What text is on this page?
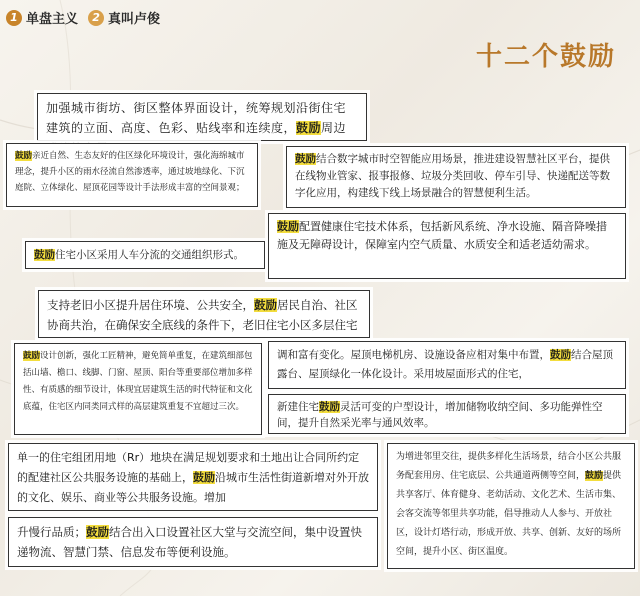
1 单盘主义	2 真叫卢俊
十二个鼓励

加强城市街坊、街区整体界面设计，统筹规划沿街住宅建筑的立面、高度、色彩、贴线率和连续度，鼓励周边

鼓励亲近自然、生态友好的住区绿化环境设计，强化海绵城市理念，提升小区的雨水径流自然渗透率，通过坡地绿化、下沉庭院、立体绿化、屋顶花园等设计手法形成丰富的空间景观；

鼓励结合数字城市时空智能应用场景，推进建设智慧社区平台，提供在线物业管家、报事报修、垃圾分类回收、停车引导、快递配送等数字化应用，构建线下线上场景融合的智慧便利生活。

鼓励配置健康住宅技术体系，包括新风系统、净水设施、隔音降噪措施及无障碍设计，保障室内空气质量、水质安全和适老适幼需求。

鼓励住宅小区采用人车分流的交通组织形式。

支持老旧小区提升居住环境、公共安全，鼓励居民自治、社区协商共治，在确保安全底线的条件下，老旧住宅小区多层住宅

鼓励设计创新，强化工匠精神，避免简单重复，在建筑细部包括山墙、檐口、线脚、门窗、屋顶、阳台等重要部位增加多样性、有质感的细节设计，体现宜居建筑生活的时代特征和文化底蕴，住宅区内同类同式样的高层建筑重复不宜超过三次。

调和富有变化。屋顶电梯机房、设施设备应相对集中布置，鼓励结合屋顶露台、屋顶绿化一体化设计。采用坡屋面形式的住宅，

新建住宅鼓励灵活可变的户型设计，增加储物收纳空间、多功能弹性空间，提升自然采光率与通风效率。

单一的住宅组团用地（Rr）地块在满足规划要求和土地出让合同所约定的配建社区公共服务设施的基础上，鼓励沿城市生活性街道新增对外开放的文化、娱乐、商业等公共服务设施。增加

为增进邻里交往，提供多样化生活场景，结合小区公共服务配套用房、住宅底层、公共通道两侧等空间，鼓励提供共享客厅、体育健身、老幼活动、文化艺术、生活市集、会客交流等邻里共享功能，倡导推动人人参与、开放社区，设计灯塔行动，形成开放、共享、创新、友好的场所空间，提升小区、街区温度。

升慢行品质；鼓励结合出入口设置社区大堂与交流空间，集中设置快递物流、智慧门禁、信息发布等便利设施。
